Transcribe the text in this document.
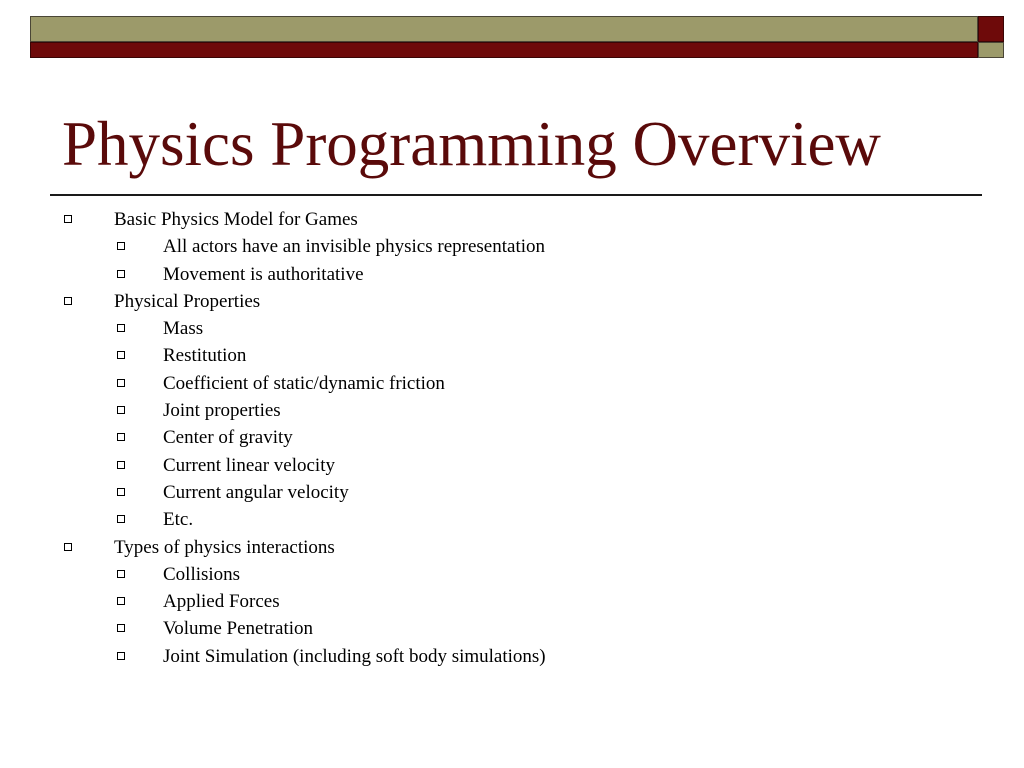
Physics Programming Overview
Basic Physics Model for Games
All actors have an invisible physics representation
Movement is authoritative
Physical Properties
Mass
Restitution
Coefficient of static/dynamic friction
Joint properties
Center of gravity
Current linear velocity
Current angular velocity
Etc.
Types of physics interactions
Collisions
Applied Forces
Volume Penetration
Joint Simulation (including soft body simulations)
